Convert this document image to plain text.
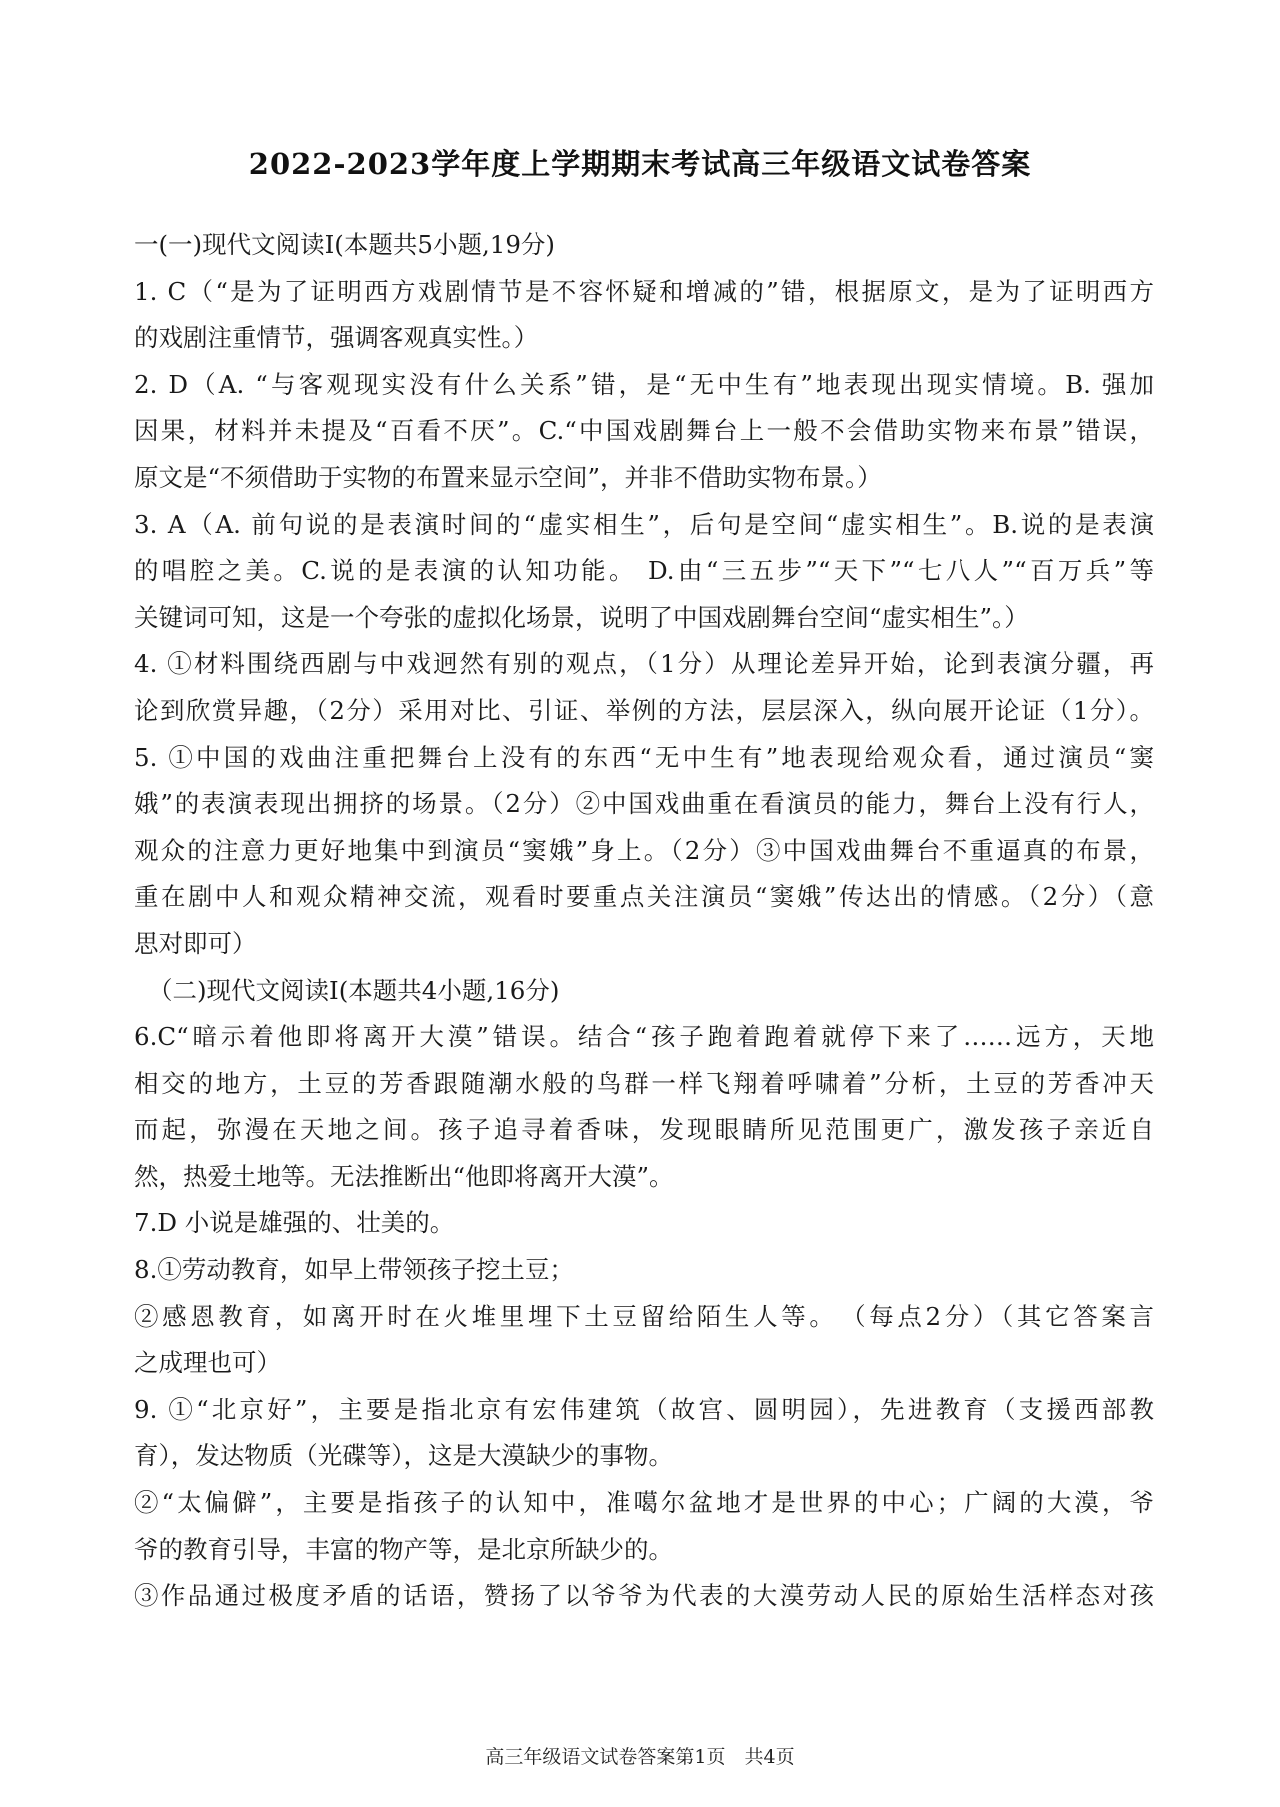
2022-2023学年度上学期期末考试高三年级语文试卷答案
一(一)现代文阅读Ⅰ(本题共5小题,19分)
1. C（“是为了证明西方戏剧情节是不容怀疑和增减的”错，根据原文，是为了证明西方
的戏剧注重情节，强调客观真实性。）
2. D（A. “与客观现实没有什么关系”错，是“无中生有”地表现出现实情境。B. 强加
因果，材料并未提及“百看不厌”。C.“中国戏剧舞台上一般不会借助实物来布景”错误，
原文是“不须借助于实物的布置来显示空间”，并非不借助实物布景。）
3. A（A. 前句说的是表演时间的“虚实相生”，后句是空间“虚实相生”。B.说的是表演
的唱腔之美。C.说的是表演的认知功能。 D.由“三五步”“天下”“七八人”“百万兵”等
关键词可知，这是一个夸张的虚拟化场景，说明了中国戏剧舞台空间“虚实相生”。）
4. ①材料围绕西剧与中戏迥然有别的观点，（1分）从理论差异开始，论到表演分疆，再
论到欣赏异趣，（2分）采用对比、引证、举例的方法，层层深入，纵向展开论证（1分）。
5. ①中国的戏曲注重把舞台上没有的东西“无中生有”地表现给观众看，通过演员“窦
娥”的表演表现出拥挤的场景。（2分）②中国戏曲重在看演员的能力，舞台上没有行人，
观众的注意力更好地集中到演员“窦娥”身上。（2分）③中国戏曲舞台不重逼真的布景，
重在剧中人和观众精神交流，观看时要重点关注演员“窦娥”传达出的情感。（2分）（意
思对即可）
（二)现代文阅读Ⅰ(本题共4小题,16分)
6.C“暗示着他即将离开大漠”错误。结合“孩子跑着跑着就停下来了……远方，天地
相交的地方，土豆的芳香跟随潮水般的鸟群一样飞翔着呼啸着”分析，土豆的芳香冲天
而起，弥漫在天地之间。孩子追寻着香味，发现眼睛所见范围更广，激发孩子亲近自
然，热爱土地等。无法推断出“他即将离开大漠”。
7.D 小说是雄强的、壮美的。
8.①劳动教育，如早上带领孩子挖土豆；
②感恩教育，如离开时在火堆里埋下土豆留给陌生人等。　（每点2分）（其它答案言
之成理也可）
9. ①“北京好”，主要是指北京有宏伟建筑（故宫、圆明园），先进教育（支援西部教
育），发达物质（光碟等），这是大漠缺少的事物。
②“太偏僻”，主要是指孩子的认知中，准噶尔盆地才是世界的中心；广阔的大漠，爷
爷的教育引导，丰富的物产等，是北京所缺少的。
③作品通过极度矛盾的话语，赞扬了以爷爷为代表的大漠劳动人民的原始生活样态对孩
高三年级语文试卷答案第1页　共4页
